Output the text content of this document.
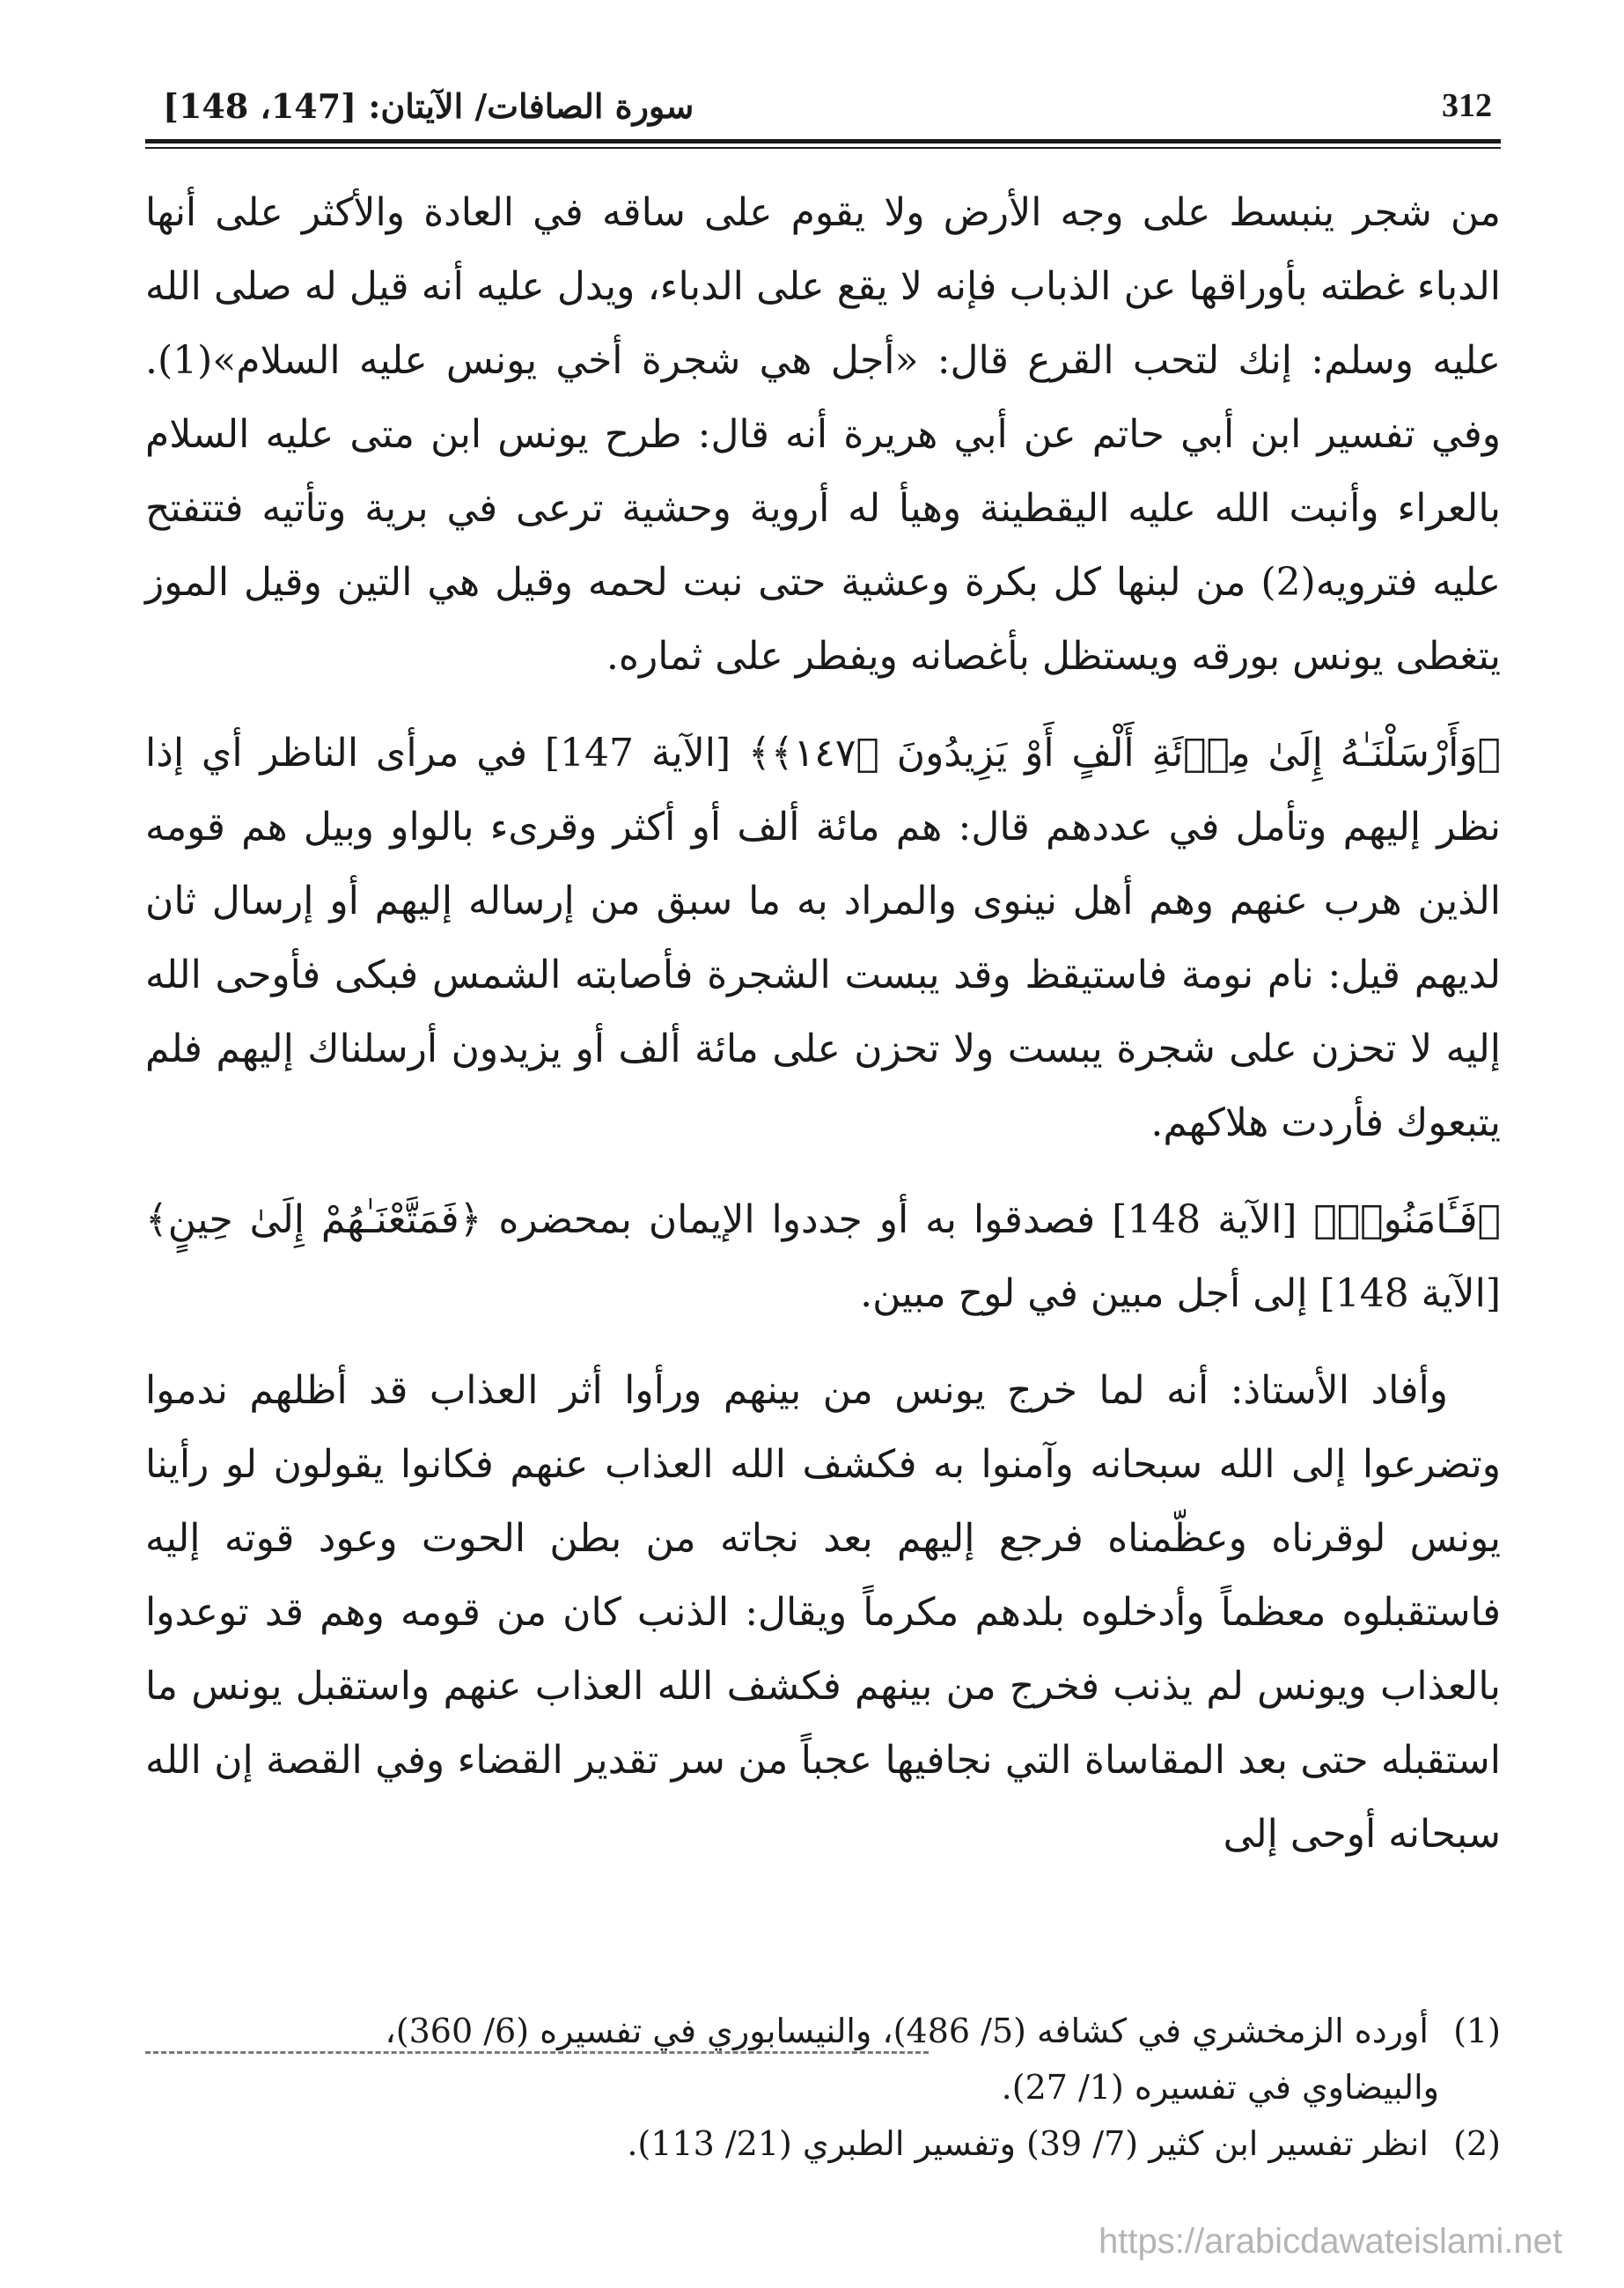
سورة الصافات/ الآيتان: [147، 148]	312

من شجر ينبسط على وجه الأرض ولا يقوم على ساقه في العادة والأكثر على أنها الدباء غطته بأوراقها عن الذباب فإنه لا يقع على الدباء، ويدل عليه أنه قيل له صلى الله عليه وسلم: إنك لتحب القرع قال: «أجل هي شجرة أخي يونس عليه السلام»(1). وفي تفسير ابن أبي حاتم عن أبي هريرة أنه قال: طرح يونس ابن متى عليه السلام بالعراء وأنبت الله عليه اليقطينة وهيأ له أروية وحشية ترعى في برية وتأتيه فتتفتح عليه فترويه(2) من لبنها كل بكرة وعشية حتى نبت لحمه وقيل هي التين وقيل الموز يتغطى يونس بورقه ويستظل بأغصانه ويفطر على ثماره.

﴿وَأَرْسَلْنَـٰهُ إِلَىٰ مِا۟ئَةِ أَلْفٍ أَوْ يَزِيدُونَ ﴿١٤٧﴾﴾ [الآية 147] في مرأى الناظر أي إذا نظر إليهم وتأمل في عددهم قال: هم مائة ألف أو أكثر وقرىء بالواو وبيل هم قومه الذين هرب عنهم وهم أهل نينوى والمراد به ما سبق من إرساله إليهم أو إرسال ثان لديهم قيل: نام نومة فاستيقظ وقد يبست الشجرة فأصابته الشمس فبكى فأوحى الله إليه لا تحزن على شجرة يبست ولا تحزن على مائة ألف أو يزيدون أرسلناك إليهم فلم يتبعوك فأردت هلاكهم.

﴿فَـَٔامَنُوا۟﴾ [الآية 148] فصدقوا به أو جددوا الإيمان بمحضره ﴿فَمَتَّعْنَـٰهُمْ إِلَىٰ حِينٍ﴾ [الآية 148] إلى أجل مبين في لوح مبين.

وأفاد الأستاذ: أنه لما خرج يونس من بينهم ورأوا أثر العذاب قد أظلهم ندموا وتضرعوا إلى الله سبحانه وآمنوا به فكشف الله العذاب عنهم فكانوا يقولون لو رأينا يونس لوقرناه وعظّمناه فرجع إليهم بعد نجاته من بطن الحوت وعود قوته إليه فاستقبلوه معظماً وأدخلوه بلدهم مكرماً ويقال: الذنب كان من قومه وهم قد توعدوا بالعذاب ويونس لم يذنب فخرج من بينهم فكشف الله العذاب عنهم واستقبل يونس ما استقبله حتى بعد المقاساة التي نجافيها عجباً من سر تقدير القضاء وفي القصة إن الله سبحانه أوحى إلى

(1) أورده الزمخشري في كشافه (5/ 486)، والنيسابوري في تفسيره (6/ 360)،
والبيضاوي في تفسيره (1/ 27).
(2) انظر تفسير ابن كثير (7/ 39) وتفسير الطبري (21/ 113).
https://arabicdawateislami.net
